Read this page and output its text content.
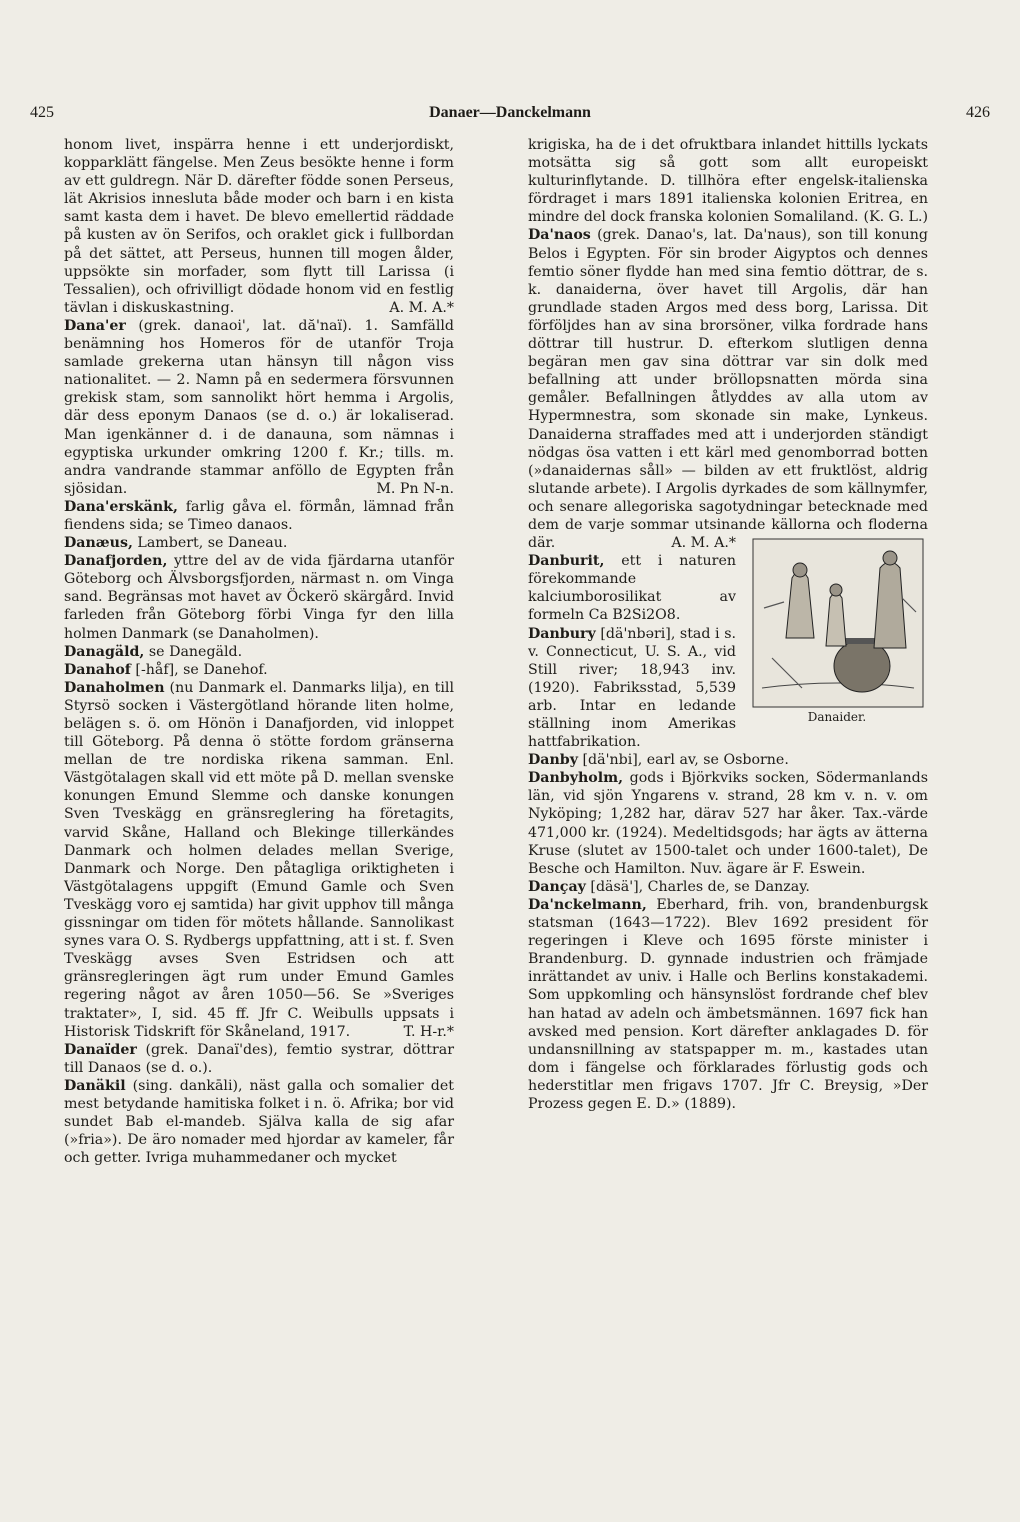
425	Danaer—Danckelmann	426

honom livet, inspärra henne i ett underjordiskt, kopparklätt fängelse. Men Zeus besökte henne i form av ett guldregn. När D. därefter födde sonen Perseus, lät Akrisios innesluta både moder och barn i en kista samt kasta dem i havet. De blevo emellertid räddade på kusten av ön Serifos, och oraklet gick i fullbordan på det sättet, att Perseus, hunnen till mogen ålder, uppsökte sin morfader, som flytt till Larissa (i Tessalien), och ofrivilligt dödade honom vid en festlig tävlan i diskuskastning.	A. M. A.*

Dana'er (grek. danaoi', lat. dă'naï). 1. Samfälld benämning hos Homeros för de utanför Troja samlade grekerna utan hänsyn till någon viss nationalitet. — 2. Namn på en sedermera försvunnen grekisk stam, som sannolikt hört hemma i Argolis, där dess eponym Danaos (se d. o.) är lokaliserad. Man igenkänner d. i de danauna, som nämnas i egyptiska urkunder omkring 1200 f. Kr.; tills. m. andra vandrande stammar anföllo de Egypten från sjösidan.	M. Pn N-n.

Dana'erskänk, farlig gåva el. förmån, lämnad från fiendens sida; se Timeo danaos.

Danæus, Lambert, se Daneau.

Danafjorden, yttre del av de vida fjärdarna utanför Göteborg och Älvsborgsfjorden, närmast n. om Vinga sand. Begränsas mot havet av Öckerö skärgård. Invid farleden från Göteborg förbi Vinga fyr den lilla holmen Danmark (se Danaholmen).

Danagäld, se Danegäld.

Danahof [-håf], se Danehof.

Danaholmen (nu Danmark el. Danmarks lilja), en till Styrsö socken i Västergötland hörande liten holme, belägen s. ö. om Hönön i Danafjorden, vid inloppet till Göteborg. På denna ö stötte fordom gränserna mellan de tre nordiska rikena samman. Enl. Västgötalagen skall vid ett möte på D. mellan svenske konungen Emund Slemme och danske konungen Sven Tveskägg en gränsreglering ha företagits, varvid Skåne, Halland och Blekinge tillerkändes Danmark och holmen delades mellan Sverige, Danmark och Norge. Den påtagliga oriktigheten i Västgötalagens uppgift (Emund Gamle och Sven Tveskägg voro ej samtida) har givit upphov till många gissningar om tiden för mötets hållande. Sannolikast synes vara O. S. Rydbergs uppfattning, att i st. f. Sven Tveskägg avses Sven Estridsen och att gränsregleringen ägt rum under Emund Gamles regering något av åren 1050—56. Se »Sveriges traktater», I, sid. 45 ff. Jfr C. Weibulls uppsats i Historisk Tidskrift för Skåneland, 1917.	T. H-r.*

Danaïder (grek. Danaï'des), femtio systrar, döttrar till Danaos (se d. o.).

Danäkil (sing. dankāli), näst galla och somalier det mest betydande hamitiska folket i n. ö. Afrika; bor vid sundet Bab el-mandeb. Själva kalla de sig afar (»fria»). De äro nomader med hjordar av kameler, får och getter. Ivriga muhammedaner och mycket

krigiska, ha de i det ofruktbara inlandet hittills lyckats motsätta sig så gott som allt europeiskt kulturinflytande. D. tillhöra efter engelsk-italienska fördraget i mars 1891 italienska kolonien Eritrea, en mindre del dock franska kolonien Somaliland. (K. G. L.)

Da'naos (grek. Danao's, lat. Da'naus), son till konung Belos i Egypten. För sin broder Aigyptos och dennes femtio söner flydde han med sina femtio döttrar, de s. k. danaiderna, över havet till Argolis, där han grundlade staden Argos med dess borg, Larissa. Dit förföljdes han av sina brorsöner, vilka fordrade hans döttrar till hustrur. D. efterkom slutligen denna begäran men gav sina döttrar var sin dolk med befallning att under bröllopsnatten mörda sina gemåler. Befallningen åtlyddes av alla utom av Hypermnestra, som skonade sin make, Lynkeus. Danaiderna straffades med att i underjorden ständigt nödgas ösa vatten i ett kärl med genomborrad botten (»danaidernas såll» — bilden av ett fruktlöst, aldrig slutande arbete). I Argolis dyrkades de som källnymfer, och senare allegoriska sagotydningar betecknade med dem de varje sommar utsinande källorna och floderna där.
Danaider.
A. M. A.*

Danburit, ett i naturen förekommande kalciumborosilikat av formeln Ca B2Si2O8.

Danbury [dä'nbəri], stad i s. v. Connecticut, U. S. A., vid Still river; 18,943 inv. (1920). Fabriksstad, 5,539 arb. Intar en ledande ställning inom Amerikas hattfabrikation.

Danby [dä'nbi], earl av, se Osborne.

Danbyholm, gods i Björkviks socken, Södermanlands län, vid sjön Yngarens v. strand, 28 km v. n. v. om Nyköping; 1,282 har, därav 527 har åker. Tax.-värde 471,000 kr. (1924). Medeltidsgods; har ägts av ätterna Kruse (slutet av 1500-talet och under 1600-talet), De Besche och Hamilton. Nuv. ägare är F. Eswein.

Dançay [däsä'], Charles de, se Danzay.

Da'nckelmann, Eberhard, frih. von, brandenburgsk statsman (1643—1722). Blev 1692 president för regeringen i Kleve och 1695 förste minister i Brandenburg. D. gynnade industrien och främjade inrättandet av univ. i Halle och Berlins konstakademi. Som uppkomling och hänsynslöst fordrande chef blev han hatad av adeln och ämbetsmännen. 1697 fick han avsked med pension. Kort därefter anklagades D. för undansnillning av statspapper m. m., kastades utan dom i fängelse och förklarades förlustig gods och hederstitlar men frigavs 1707. Jfr C. Breysig, »Der Prozess gegen E. D.» (1889).
